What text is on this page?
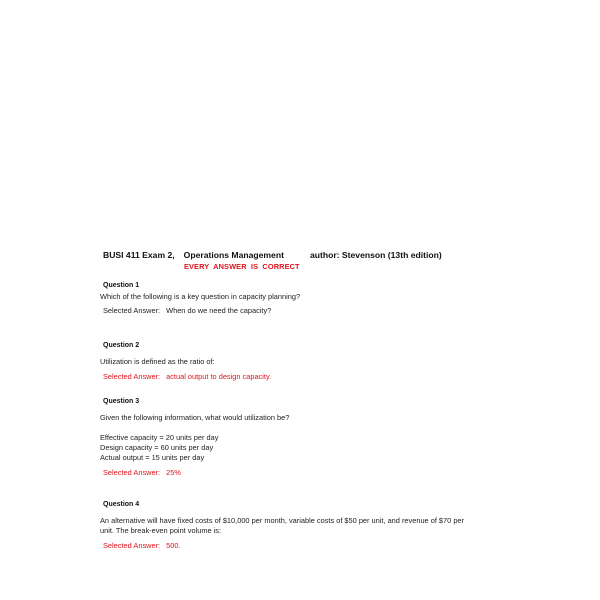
BUSI 411 Exam 2, Operations Management	author: Stevenson (13th edition)
EVERY  ANSWER  IS  CORRECT
Question 1
Which of the following is a key question in capacity planning?
Selected Answer: When do we need the capacity?
Question 2
Utilization is defined as the ratio of:
Selected Answer: actual output to design capacity.
Question 3
Given the following information, what would utilization be?
Effective capacity = 20 units per day
Design capacity = 60 units per day
Actual output = 15 units per day
Selected Answer: 25%
Question 4
An alternative will have fixed costs of $10,000 per month, variable costs of $50 per unit, and revenue of $70 per
unit. The break-even point volume is:
Selected Answer: 500.
